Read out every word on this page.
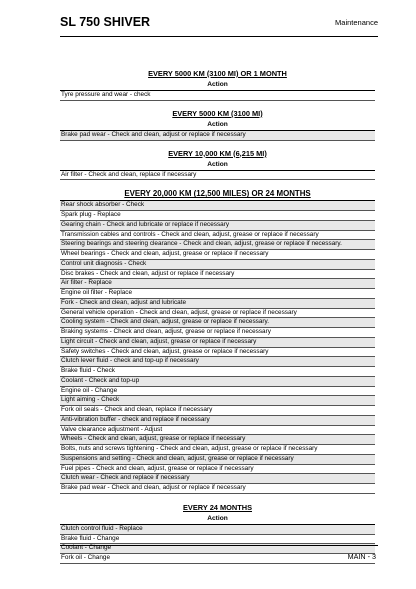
SL 750 SHIVER	Maintenance
EVERY 5000 KM (3100 MI) OR 1 MONTH
Action
Tyre pressure and wear - check
EVERY 5000 KM (3100 MI)
Action
Brake pad wear - Check and clean, adjust or replace if necessary
EVERY 10,000 KM (6,215 MI)
Action
Air filter - Check and clean, replace if necessary
EVERY 20,000 KM (12,500 MILES) OR 24 MONTHS
Rear shock absorber - Check
Spark plug - Replace
Gearing chain - Check and lubricate or replace if necessary
Transmission cables and controls - Check and clean, adjust, grease or replace if necessary
Steering bearings and steering clearance - Check and clean, adjust, grease or replace if necessary.
Wheel bearings - Check and clean, adjust, grease or replace if necessary
Control unit diagnosis - Check
Disc brakes - Check and clean, adjust or replace if necessary
Air filter - Replace
Engine oil filter - Replace
Fork - Check and clean, adjust and lubricate
General vehicle operation - Check and clean, adjust, grease or replace if necessary
Cooling system - Check and clean, adjust, grease or replace if necessary.
Braking systems - Check and clean, adjust, grease or replace if necessary
Light circuit - Check and clean, adjust, grease or replace if necessary
Safety switches - Check and clean, adjust, grease or replace if necessary
Clutch lever fluid - check and top-up if necessary
Brake fluid - Check
Coolant - Check and top-up
Engine oil - Change
Light aiming - Check
Fork oil seals - Check and clean, replace if necessary
Anti-vibration buffer - check and replace if necessary
Valve clearance adjustment - Adjust
Wheels - Check and clean, adjust, grease or replace if necessary
Bolts, nuts and screws tightening - Check and clean, adjust, grease or replace if necessary
Suspensions and setting - Check and clean, adjust, grease or replace if necessary
Fuel pipes - Check and clean, adjust, grease or replace if necessary
Clutch wear - Check and replace if necessary
Brake pad wear - Check and clean, adjust or replace if necessary
EVERY 24 MONTHS
Action
Clutch control fluid - Replace
Brake fluid - Change
Coolant - Change
Fork oil - Change	MAIN - 3
